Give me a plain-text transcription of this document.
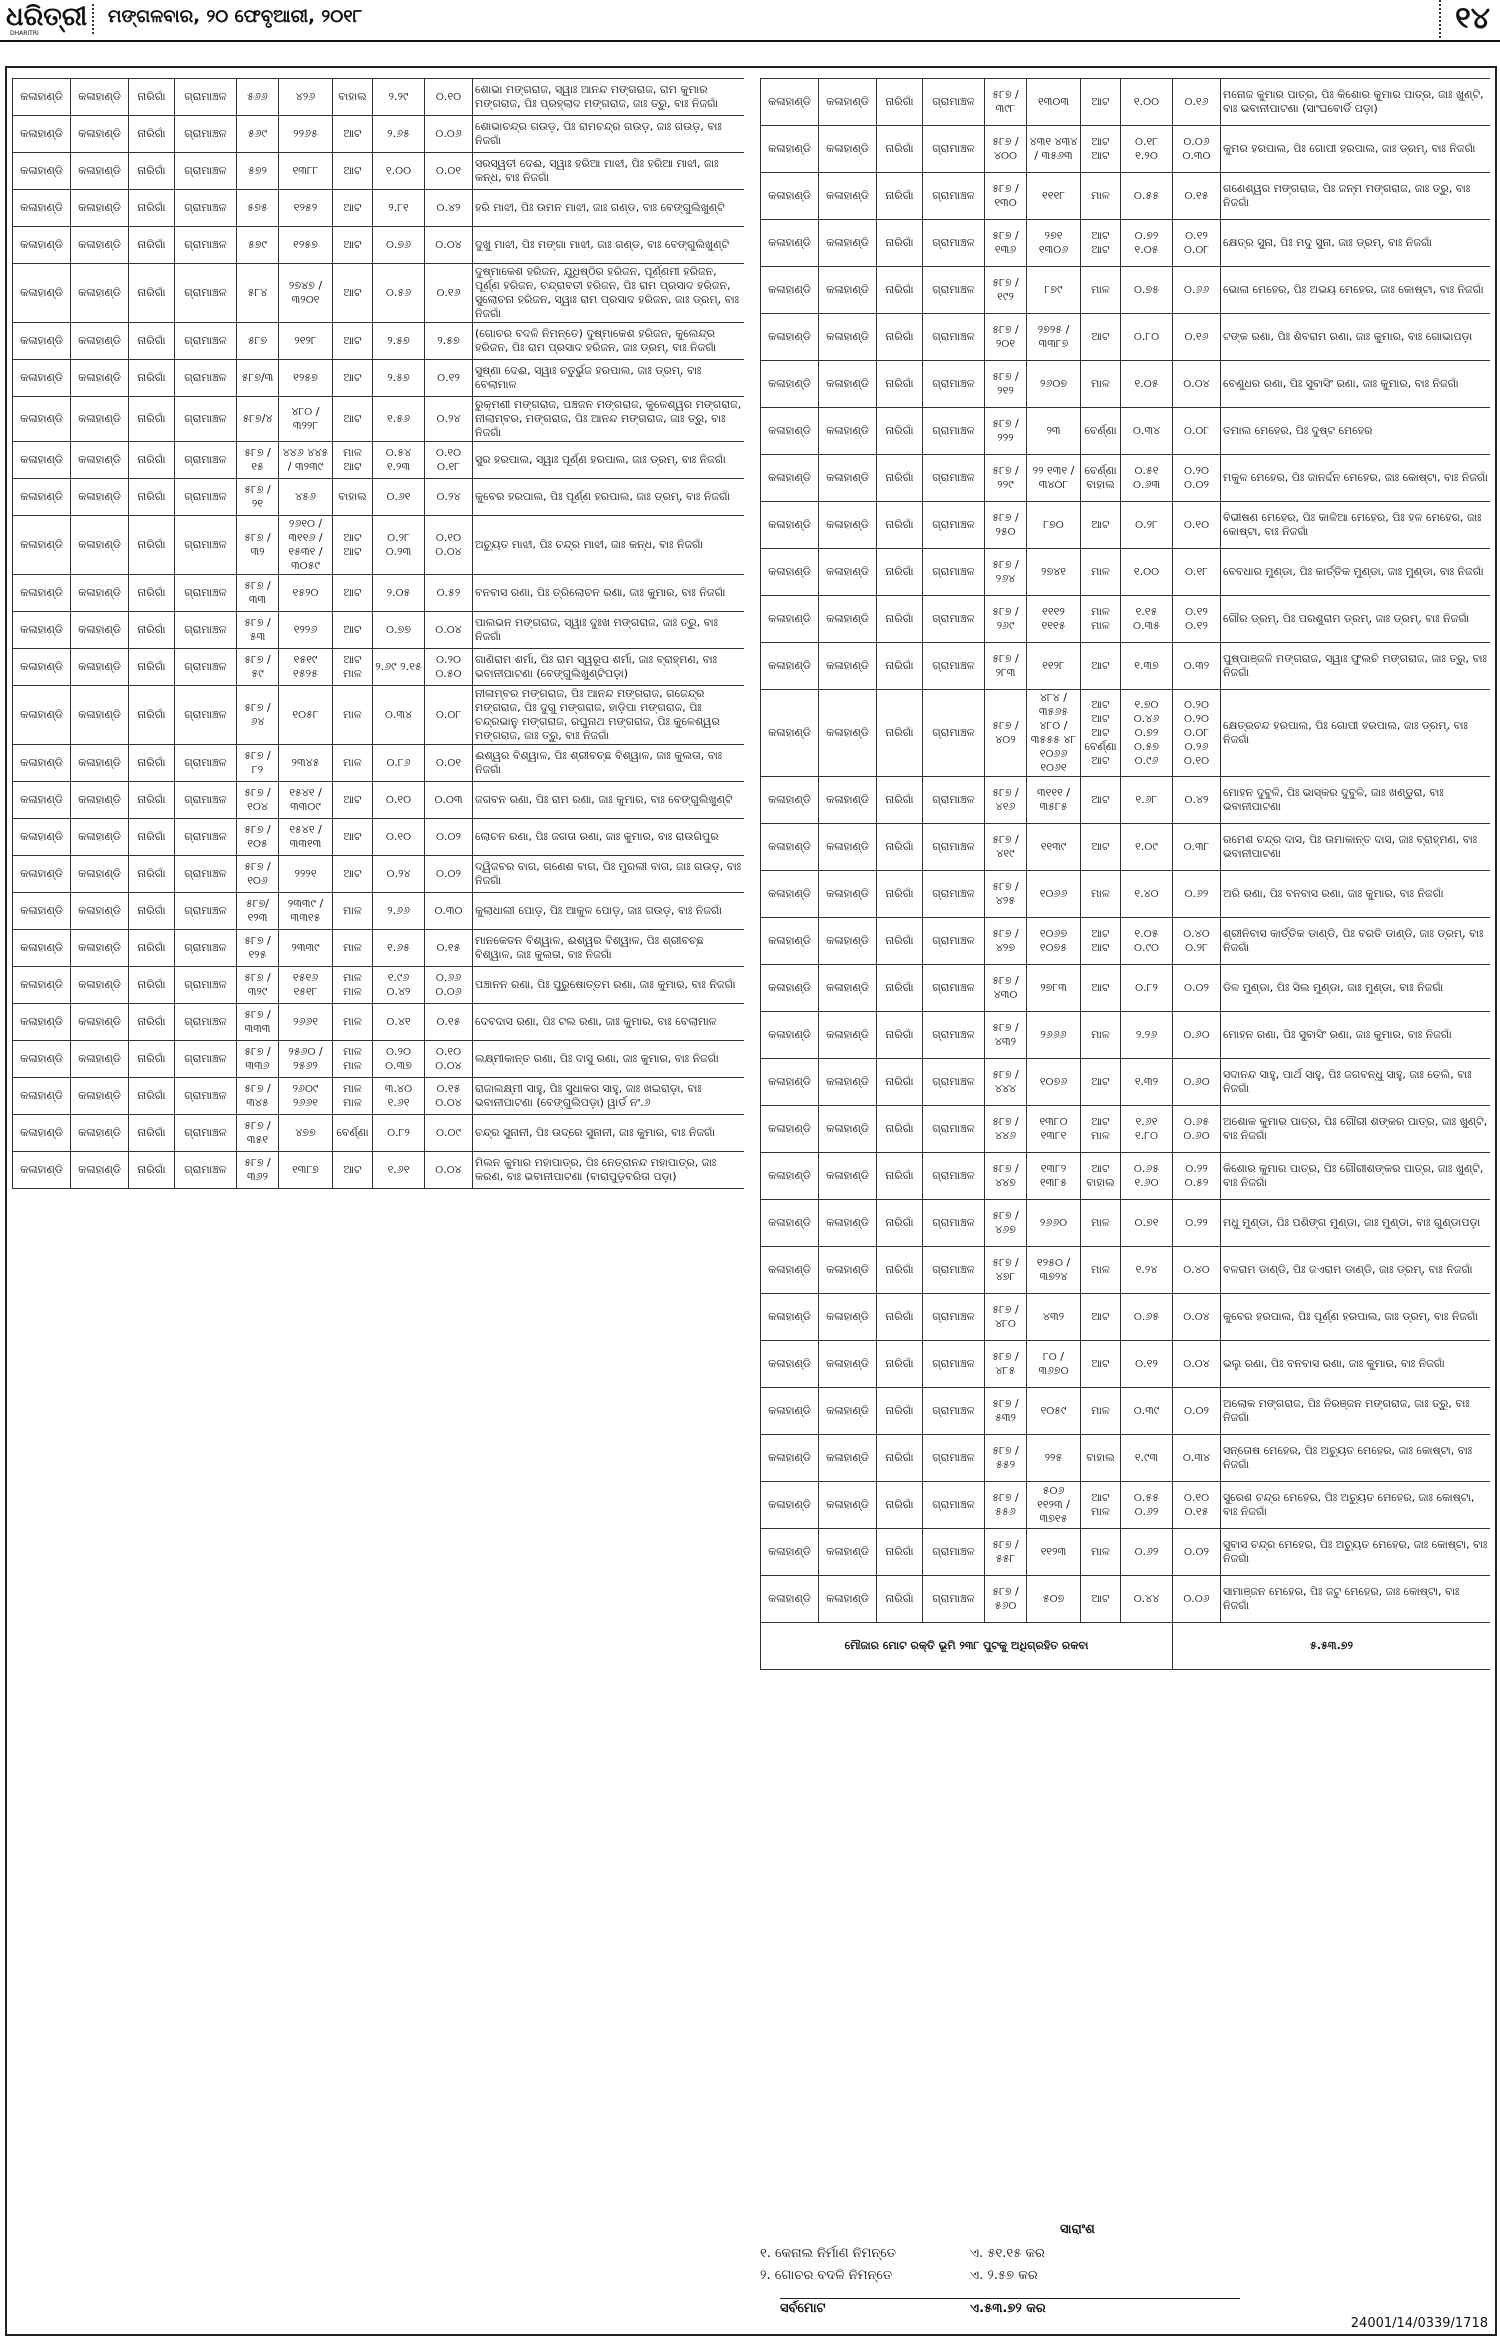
ଧରିତ୍ରୀ
DHARITRI
ମଙ୍ଗଳବାର, ୨୦ ଫେବୃଆରୀ, ୨୦୧୮	୧୪
କଳାହାଣ୍ଡି	କଳାହାଣ୍ଡି	ନାରିଗାଁ	ଗ୍ରାମାଞ୍ଚଳ	୫୬୬	୪୨୬	ବାହାଲ	୨.୨୯	୦.୧୦	ଶୋଭା ମଙ୍ଗରାଜ, ସ୍ୱାଃ ଆନନ୍ଦ ମଙ୍ଗରାଜ, ରାମ କୁମାର ମଙ୍ଗରାଜ, ପିଃ ପ୍ରହ୍ଲାଦ ମଙ୍ଗରାଜ, ଜାଃ ତ୍ରୁ, ବାଃ ନିଜଗାଁ
କଳାହାଣ୍ଡି	କଳାହାଣ୍ଡି	ନାରିଗାଁ	ଗ୍ରାମାଞ୍ଚଳ	୫୬୯	୨୨୬୫	ଆଟ	୨.୬୫	୦.୦୬	ଶୋଭାଚନ୍ଦ୍ର ଗଉଡ଼, ପିଃ ରାମଚନ୍ଦ୍ର ଗଉଡ଼, ଜାଃ ଗଉଡ଼, ବାଃ ନିଜଗାଁ
କଳାହାଣ୍ଡି	କଳାହାଣ୍ଡି	ନାରିଗାଁ	ଗ୍ରାମାଞ୍ଚଳ	୫୭୨	୧୩୮୮	ଆଟ	୧.୦୦	୦.୦୧	ସରସ୍ୱତୀ ଦେଈ, ସ୍ୱାଃ ହରିଆ ମାଝୀ, ପିଃ ହରିଆ ମାଝୀ, ଜାଃ କନ୍ଧ, ବାଃ ନିଜଗାଁ
କଳାହାଣ୍ଡି	କଳାହାଣ୍ଡି	ନାରିଗାଁ	ଗ୍ରାମାଞ୍ଚଳ	୫୭୫	୧୨୫୨	ଆଟ	୨.୮୧	୦.୪୨	ହରି ମାଝୀ, ପିଃ ଉମନ ମାଝୀ, ଜାଃ ଗଣ୍ଡ, ବାଃ ବେଙ୍ଗୁଲିଖୁଣ୍ଟି
କଳାହାଣ୍ଡି	କଳାହାଣ୍ଡି	ନାରିଗାଁ	ଗ୍ରାମାଞ୍ଚଳ	୫୭୯	୧୨୫୭	ଆଟ	୦.୭୬	୦.୦୪	ଦୁଖୁ ମାଝୀ, ପିଃ ମଙ୍ଗା ମାଝୀ, ଜାଃ ଗଣ୍ଡ, ବାଃ ବେଙ୍ଗୁଲିଖୁଣ୍ଟି
କଳାହାଣ୍ଡି	କଳାହାଣ୍ଡି	ନାରିଗାଁ	ଗ୍ରାମାଞ୍ଚଳ	୫୮୪	୨୭୪୭ / ୩୨୦୧	ଆଟ	୦.୫୬	୦.୧୬	ଦୁଷ୍ମାକେଶ ହରିଜନ, ଯୁଧିଷ୍ଠିର ହରିଜନ, ପୂର୍ଣ୍ଣମୀ ହରିଜନ, ପୂର୍ଣ୍ଣ ହରିଜନ, ଚନ୍ଦ୍ରାବତୀ ହରିଜନ, ପିଃ ରାମ ପ୍ରସାଦ ହରିଜନ, ସୁଲୋଚନା ହରିଜନ, ସ୍ୱାଃ ରାମ ପ୍ରସାଦ ହରିଜନ, ଜାଃ ଡ୍ରମ୍, ବାଃ ନିଜଗାଁ
କଳାହାଣ୍ଡି	କଳାହାଣ୍ଡି	ନାରିଗାଁ	ଗ୍ରାମାଞ୍ଚଳ	୫୮୭	୨୧୨୮	ଆଟ	୨.୫୭	୨.୫୭	(ଗୋଚର ବଦଳି ନିମନ୍ତେ) ଦୁଷ୍ମାକେଶ ହରିଜନ, କୁଲେନ୍ଦ୍ର ହରିଜନ, ପିଃ ରାମ ପ୍ରସାଦ ହରିଜନ, ଜାଃ ଡ୍ରମ୍, ବାଃ ନିଜଗାଁ
କଳାହାଣ୍ଡି	କଳାହାଣ୍ଡି	ନାରିଗାଁ	ଗ୍ରାମାଞ୍ଚଳ	୫୮୭/୩	୧୨୫୭	ଆଟ	୨.୫୭	୦.୧୨	ସୁଷ୍ଣା ଦେଈ, ସ୍ୱାଃ ଚତୁର୍ଭୁଜ ହରପାଲ, ଜାଃ ଡ୍ରମ୍, ବାଃ ବେଲାମାଳ
କଳାହାଣ୍ଡି	କଳାହାଣ୍ଡି	ନାରିଗାଁ	ଗ୍ରାମାଞ୍ଚଳ	୫୮୭/୪	୪୮୦ / ୩୨୨୮	ଆଟ	୧.୫୬	୦.୨୪	ରୁକ୍ମଣୀ ମଙ୍ଗରାଜ, ପଞ୍ଚଜନ ମଙ୍ଗରାଜ, କୁଳେଶ୍ୱର ମଙ୍ଗରାଜ, ନୀଲାମ୍ବର, ମଙ୍ଗରାଜ, ପିଃ ଆନନ୍ଦ ମଙ୍ଗରାଜ, ଜାଃ ତ୍ରୁ, ବାଃ ନିଜଗାଁ
କଳାହାଣ୍ଡି	କଳାହାଣ୍ଡି	ନାରିଗାଁ	ଗ୍ରାମାଞ୍ଚଳ	୫୮୭ / ୧୫	୪୪୬ ୪୪୫ / ୩୨୩୯	ମାଳ ଆଟ	୦.୫୪ ୧.୨୩	୦.୧୦ ୦.୧୮	ସୁର ହରପାଲ, ସ୍ୱାଃ ପୂର୍ଣ୍ଣ ହରପାଲ, ଜାଃ ଡ୍ରମ୍, ବାଃ ନିଜଗାଁ
କଳାହାଣ୍ଡି	କଳାହାଣ୍ଡି	ନାରିଗାଁ	ଗ୍ରାମାଞ୍ଚଳ	୫୮୭ / ୨୧	୪୫୬	ବାହାଲ	୦.୬୧	୦.୨୪	କୁବେର ହରପାଲ, ପିଃ ପୂର୍ଣ୍ଣ ହରପାଲ, ଜାଃ ଡ୍ରମ୍, ବାଃ ନିଜଗାଁ
କଳାହାଣ୍ଡି	କଳାହାଣ୍ଡି	ନାରିଗାଁ	ଗ୍ରାମାଞ୍ଚଳ	୫୮୭ / ୩୨	୨୬୧୦ / ୩୧୧୬ / ୧୫୩୧ / ୩୦୫୯	ଆଟ ଆଟ	୦.୨୮ ୦.୨୩	୦.୧୦ ୦.୦୪	ଅଚ୍ୟୁତ ମାଝୀ, ପିଃ ଚନ୍ଦ୍ର ମାଝୀ, ଜାଃ କନ୍ଧ, ବାଃ ନିଜଗାଁ
କଳାହାଣ୍ଡି	କଳାହାଣ୍ଡି	ନାରିଗାଁ	ଗ୍ରାମାଞ୍ଚଳ	୫୮୭ / ୩୩	୧୫୨୦	ଆଟ	୨.୦୫	୦.୫୨	ବନବାସ ରଣା, ପିଃ ତ୍ରିଲୋଚନ ରଣା, ଜାଃ କୁମାର, ବାଃ ନିଜଗାଁ
କଳାହାଣ୍ଡି	କଳାହାଣ୍ଡି	ନାରିଗାଁ	ଗ୍ରାମାଞ୍ଚଳ	୫୮୭ / ୫୩	୧୨୨୬	ଆଟ	୦.୭୭	୦.୦୪	ପାଲଭନ ମଙ୍ଗରାଜ, ସ୍ୱାଃ ଦୁଃଖ ମଙ୍ଗରାଜ, ଜାଃ ତ୍ରୁ, ବାଃ ନିଜଗାଁ
କଳାହାଣ୍ଡି	କଳାହାଣ୍ଡି	ନାରିଗାଁ	ଗ୍ରାମାଞ୍ଚଳ	୫୮୭ / ୫୯	୧୫୧୯ ୧୫୨୫	ଆଟ ମାଳ	୨.୬୯ ୨.୧୫	୦.୨୦ ୦.୫୦	ଗାଣିରାମ ଶର୍ମା, ପିଃ ରାମ ସ୍ୱରୂପ ଶର୍ମା, ଜାଃ ବ୍ରାହ୍ମଣ, ବାଃ ଭବାନୀପାଟଣା (ବେଙ୍ଗୁଲିଖୁଣ୍ଟିପଡ଼ା)
କଳାହାଣ୍ଡି	କଳାହାଣ୍ଡି	ନାରିଗାଁ	ଗ୍ରାମାଞ୍ଚଳ	୫୮୭ / ୬୪	୧୦୫୮	ମାଳ	୦.୩୪	୦.୦୮	ନୀଳାମ୍ବର ମଙ୍ଗରାଜ, ପିଃ ଆନନ୍ଦ ମଙ୍ଗରାଜ, ଗଜେନ୍ଦ୍ର ମଙ୍ଗରାଜ, ପିଃ ଦୁଗୁ ମଙ୍ଗରାଜ, ହାଡ଼ିପା ମଙ୍ଗରାଜ, ପିଃ ଚନ୍ଦ୍ରଭାନୁ ମଙ୍ଗରାଜ, ରଘୁନାଥ ମଙ୍ଗରାଜ, ପିଃ କୁଳେଶ୍ୱର ମଙ୍ଗରାଜ, ଜାଃ ତ୍ରୁ, ବାଃ ନିଜଗାଁ
କଳାହାଣ୍ଡି	କଳାହାଣ୍ଡି	ନାରିଗାଁ	ଗ୍ରାମାଞ୍ଚଳ	୫୮୭ / ୮୨	୨୩୪୫	ମାଳ	୦.୮୬	୦.୦୧	ଈଶ୍ୱର ବିଶ୍ୱାଳ, ପିଃ ଶ୍ରୀବଚ୍ଛ ବିଶ୍ୱାଳ, ଜାଃ କୁଲତା, ବାଃ ନିଜଗାଁ
କଳାହାଣ୍ଡି	କଳାହାଣ୍ଡି	ନାରିଗାଁ	ଗ୍ରାମାଞ୍ଚଳ	୫୮୭ / ୧୦୪	୧୫୪୧ / ୩୩୦୯	ଆଟ	୦.୧୦	୦.୦୩	ଜଗବନ ରଣା, ପିଃ ରାମ ରଣା, ଜାଃ କୁମାର, ବାଃ ବେଙ୍ଗୁଲିଖୁଣ୍ଟି
କଳାହାଣ୍ଡି	କଳାହାଣ୍ଡି	ନାରିଗାଁ	ଗ୍ରାମାଞ୍ଚଳ	୫୮୭ / ୧୦୫	୧୫୪୧ / ୩୩୧୩	ଆଟ	୦.୧୦	୦.୦୨	ଲୋଚନ ରଣା, ପିଃ ଜଗତା ରଣା, ଜାଃ କୁମାର, ବାଃ ରାଉଗିପୁର
କଳାହାଣ୍ଡି	କଳାହାଣ୍ଡି	ନାରିଗାଁ	ଗ୍ରାମାଞ୍ଚଳ	୫୮୭ / ୧୦୬	୨୨୨୧	ଆଟ	୦.୨୪	୦.୦୨	ଦ୍ୱିଜବର ବାଗ, ଗଣେଶ ବାଗ, ପିଃ ମୁରଲୀ ବାଗ, ଜାଃ ଗଉଡ଼, ବାଃ ନିଜଗାଁ
କଳାହାଣ୍ଡି	କଳାହାଣ୍ଡି	ନାରିଗାଁ	ଗ୍ରାମାଞ୍ଚଳ	୫୮୭/ ୧୨୩	୨୩୩୯ / ୩୩୧୫	ମାଳ	୨.୬୬	୦.୩୦	କୁଲାଧାଲୀ ପୋଡ଼, ପିଃ ଆକୁଳ ପୋଡ଼, ଜାଃ ଗଉଡ଼, ବାଃ ନିଜଗାଁ
କଳାହାଣ୍ଡି	କଳାହାଣ୍ଡି	ନାରିଗାଁ	ଗ୍ରାମାଞ୍ଚଳ	୫୮୭ / ୧୨୫	୨୩୩୯	ମାଳ	୧.୬୫	୦.୧୫	ମାନକେତନ ବିଶ୍ୱାଳ, ଈଶ୍ୱର ବିଶ୍ୱାଳ, ପିଃ ଶ୍ରୀବଚ୍ଛ ବିଶ୍ୱାଳ, ଜାଃ କୁଲତା, ବାଃ ନିଜଗାଁ
କଳାହାଣ୍ଡି	କଳାହାଣ୍ଡି	ନାରିଗାଁ	ଗ୍ରାମାଞ୍ଚଳ	୫୮୭ / ୩୨୯	୧୫୧୬ ୧୫୧୮	ମାଳ ମାଳ	୧.୯୬ ୦.୪୨	୦.୬୬ ୦.୦୬	ପଞ୍ଚାନନ ରଣା, ପିଃ ପୁରୁଷୋତ୍ତମ ରଣା, ଜାଃ କୁମାର, ବାଃ ନିଜଗାଁ
କଳାହାଣ୍ଡି	କଳାହାଣ୍ଡି	ନାରିଗାଁ	ଗ୍ରାମାଞ୍ଚଳ	୫୮୭ / ୩୩୩	୨୬୬୧	ମାଳ	୦.୪୧	୦.୧୫	ଦେବଦାସ ରଣା, ପିଃ ଟଲ ରଣା, ଜାଃ କୁମାର, ବାଃ ବେଲାମାଳ
କଳାହାଣ୍ଡି	କଳାହାଣ୍ଡି	ନାରିଗାଁ	ଗ୍ରାମାଞ୍ଚଳ	୫୮୭ / ୩୩୬	୨୫୬୦ / ୨୫୬୨	ମାଳ ମାଳ	୦.୨୦ ୦.୩୭	୦.୧୦ ୦.୦୪	ଲକ୍ଷ୍ମୀକାନ୍ତ ରଣା, ପିଃ ଦାସୁ ରଣା, ଜାଃ କୁମାର, ବାଃ ନିଜଗାଁ
କଳାହାଣ୍ଡି	କଳାହାଣ୍ଡି	ନାରିଗାଁ	ଗ୍ରାମାଞ୍ଚଳ	୫୮୭ / ୩୪୫	୨୬୦୯ ୨୬୬୧	ମାଳ ମାଳ	୩.୪୦ ୧.୬୧	୦.୧୫ ୦.୦୪	ରାଜାଲକ୍ଷ୍ମୀ ସାହୁ, ପିଃ ସୁଧାକର ସାହୁ, ଜାଃ ଖଇରାଡ଼ା, ବାଃ ଭବାନୀପାଟଣା (ବେଙ୍ଗୁଲିପଡ଼ା) ୱାର୍ଡ ନଂ.୬
କଳାହାଣ୍ଡି	କଳାହାଣ୍ଡି	ନାରିଗାଁ	ଗ୍ରାମାଞ୍ଚଳ	୫୮୭ / ୩୫୧	୪୭୭	ବେର୍ଣ୍ଣା	୦.୮୨	୦.୦୯	ଚନ୍ଦ୍ର ସୁନାନୀ, ପିଃ ଉଦ୍ରେ ସୁନାନୀ, ଜାଃ କୁମାର, ବାଃ ନିଜଗାଁ
କଳାହାଣ୍ଡି	କଳାହାଣ୍ଡି	ନାରିଗାଁ	ଗ୍ରାମାଞ୍ଚଳ	୫୮୭ / ୩୬୨	୧୩୮୭	ଆଟ	୧.୬୧	୦.୦୪	ମିଲନ କୁମାର ମହାପାତ୍ର, ପିଃ ନେତ୍ରାନନ୍ଦ ମହାପାତ୍ର, ଜାଃ କରଣ, ବାଃ ଭବାନୀପାଟଣା (ବାରାପୁଡ଼ବରିତା ପଡ଼ା)
କଳାହାଣ୍ଡି	କଳାହାଣ୍ଡି	ନାରିଗାଁ	ଗ୍ରାମାଞ୍ଚଳ	୫୮୭ / ୩୯୮	୧୩୦୩	ଆଟ	୧.୦୦	୦.୧୬	ମନୋଜ କୁମାର ପାତ୍ର, ପିଃ କିଶୋର କୁମାର ପାତ୍ର, ଜାଃ ଖୁଣ୍ଟି, ବାଃ ଭବାନୀପାଟଣା (ସାଂଘବୋର୍ଡି ପଡ଼ା)
କଳାହାଣ୍ଡି	କଳାହାଣ୍ଡି	ନାରିଗାଁ	ଗ୍ରାମାଞ୍ଚଳ	୫୮୭ / ୪୦୦	୪୩୧ ୪୩୪ / ୩୫୬୩	ଆଟ ଆଟ	୦.୧୮ ୧.୨୦	୦.୦୬ ୦.୩୦	କୁମର ହରପାଲ, ପିଃ ଗୋପୀ ହରପାଲ, ଜାଃ ଡ୍ରମ୍, ବାଃ ନିଜଗାଁ
କଳାହାଣ୍ଡି	କଳାହାଣ୍ଡି	ନାରିଗାଁ	ଗ୍ରାମାଞ୍ଚଳ	୫୮୭ / ୧୩୦	୧୧୧୮	ମାଳ	୦.୫୫	୦.୧୫	ଗଣେଶ୍ୱର ମଙ୍ଗରାଜ, ପିଃ ଜନ୍ମ ମଙ୍ଗରାଜ, ଜାଃ ତ୍ରୁ, ବାଃ ନିଜଗାଁ
କଳାହାଣ୍ଡି	କଳାହାଣ୍ଡି	ନାରିଗାଁ	ଗ୍ରାମାଞ୍ଚଳ	୫୮୭ / ୧୩୬	୨୭୧ ୧୩୦୬	ଆଟ ଆଟ	୦.୭୨ ୧.୦୫	୦.୧୨ ୦.୦୮	କ୍ଷେତ୍ର ସୁନା, ପିଃ ମଦୁ ସୁନା, ଜାଃ ଡ୍ରମ୍, ବାଃ ନିଜଗାଁ
କଳାହାଣ୍ଡି	କଳାହାଣ୍ଡି	ନାରିଗାଁ	ଗ୍ରାମାଞ୍ଚଳ	୫୮୭ / ୧୯୨	୮୭୯	ମାଳ	୦.୭୫	୦.୬୬	ଭୋଳା ମେହେର, ପିଃ ଅଭୟ ମେହେର, ଜାଃ କୋଷ୍ଟା, ବାଃ ନିଜଗାଁ
କଳାହାଣ୍ଡି	କଳାହାଣ୍ଡି	ନାରିଗାଁ	ଗ୍ରାମାଞ୍ଚଳ	୫୮୭ / ୨୦୧	୨୭୨୫ / ୩୩୮୭	ଆଟ	୦.୮୦	୦.୧୬	ଟଙ୍କ ରଣା, ପିଃ ଶିବରାମ ରଣା, ଜାଃ କୁମାର, ବାଃ ଗୋଭାପଡ଼ା
କଳାହାଣ୍ଡି	କଳାହାଣ୍ଡି	ନାରିଗାଁ	ଗ୍ରାମାଞ୍ଚଳ	୫୮୭ / ୨୧୨	୨୬୦୭	ମାଳ	୧.୦୫	୦.୦୪	ବେଣୁଧର ରଣା, ପିଃ ସୁବାସିଂ ରଣା, ଜାଃ କୁମାର, ବାଃ ନିଜଗାଁ
କଳାହାଣ୍ଡି	କଳାହାଣ୍ଡି	ନାରିଗାଁ	ଗ୍ରାମାଞ୍ଚଳ	୫୮୭ / ୨୨୨	୨୩	ବେର୍ଣ୍ଣା	୦.୩୪	୦.୦୮	ତମାଲ ମେହେର, ପିଃ ଦୁଷ୍ଟ ମେହେର
କଳାହାଣ୍ଡି	କଳାହାଣ୍ଡି	ନାରିଗାଁ	ଗ୍ରାମାଞ୍ଚଳ	୫୮୭ / ୨୨୯	୨୨ ୧୩୧ / ୩୪୦୮	ବେର୍ଣ୍ଣା ବାହାଲ	୦.୫୧ ୦.୬୩	୦.୨୦ ୦.୦୨	ମକୁଳ ମେହେର, ପିଃ ଜାନର୍ଦ୍ଦନ ମେହେର, ଜାଃ କୋଷ୍ଟା, ବାଃ ନିଜଗାଁ
କଳାହାଣ୍ଡି	କଳାହାଣ୍ଡି	ନାରିଗାଁ	ଗ୍ରାମାଞ୍ଚଳ	୫୮୭ / ୨୫୦	୮୭୦	ଆଟ	୦.୨୮	୦.୧୦	ବିଭୀଷଣ ମେହେର, ପିଃ କାଳିଆ ମେହେର, ପିଃ ହଳ ମେହେର, ଜାଃ କୋଷ୍ଟା, ବାଃ ନିଜଗାଁ
କଳାହାଣ୍ଡି	କଳାହାଣ୍ଡି	ନାରିଗାଁ	ଗ୍ରାମାଞ୍ଚଳ	୫୮୭ / ୨୬୪	୨୭୪୧	ମାଳ	୧.୦୦	୦.୧୮	ବେବଧାର ମୁଣ୍ଡା, ପିଃ କାର୍ତ୍ତିକ ମୁଣ୍ଡା, ଜାଃ ମୁଣ୍ଡା, ବାଃ ନିଜଗାଁ
କଳାହାଣ୍ଡି	କଳାହାଣ୍ଡି	ନାରିଗାଁ	ଗ୍ରାମାଞ୍ଚଳ	୫୮୭ / ୨୬୯	୧୧୧୨ ୧୧୧୫	ମାଳ ମାଳ	୧.୧୫ ୦.୩୫	୦.୧୨ ୦.୧୨	ଗୌର ଡ୍ରମ୍, ପିଃ ପରଶୁରାମ ଡ୍ରମ୍, ଜାଃ ଡ୍ରମ୍, ବାଃ ନିଜଗାଁ
କଳାହାଣ୍ଡି	କଳାହାଣ୍ଡି	ନାରିଗାଁ	ଗ୍ରାମାଞ୍ଚଳ	୫୮୭ / ୨୮୩	୧୧୨୮	ଆଟ	୧.୩୭	୦.୩୨	ପୁଷ୍ପାଞ୍ଜଳି ମଙ୍ଗରାଜ, ସ୍ୱାଃ ଫୁଲଚି ମଙ୍ଗରାଜ, ଜାଃ ତ୍ରୁ, ବାଃ ନିଜଗାଁ
କଳାହାଣ୍ଡି	କଳାହାଣ୍ଡି	ନାରିଗାଁ	ଗ୍ରାମାଞ୍ଚଳ	୫୮୭ / ୪୦୨	୪୮୪ / ୩୫୬୫ ୪୮୦ / ୩୫୫୫ ୪୮ ୧୦୬୬ ୧୦୬୧	ଆଟ ଆଟ ଆଟ ବେର୍ଣ୍ଣା ଆଟ	୧.୭୦ ୦.୪୬ ୦.୭୨ ୦.୫୭ ୦.୯୬	୦.୨୦ ୦.୨୦ ୦.୦୮ ୦.୨୬ ୦.୧୦	କ୍ଷେତ୍ରଚନ୍ଦ ହରପାଲ, ପିଃ ଗୋପୀ ହରପାଲ, ଜାଃ ଡ୍ରମ୍, ବାଃ ନିଜଗାଁ
କଳାହାଣ୍ଡି	କଳାହାଣ୍ଡି	ନାରିଗାଁ	ଗ୍ରାମାଞ୍ଚଳ	୫୮୭ / ୪୧୬	୩୧୧୧ / ୩୫୮୫	ଆଟ	୧.୬୮	୦.୪୨	ମୋହନ ଦୁବୁଳି, ପିଃ ଭାସ୍କର ଦୁବୁଳି, ଜାଃ ଖଣ୍ଡୁରା, ବାଃ ଭବାନୀପାଟଣା
କଳାହାଣ୍ଡି	କଳାହାଣ୍ଡି	ନାରିଗାଁ	ଗ୍ରାମାଞ୍ଚଳ	୫୮୭ / ୪୧୯	୧୧୩୯	ଆଟ	୧.୦୯	୦.୩୮	ରମେଶ ଚନ୍ଦ୍ର ଦାସ, ପିଃ ଉମାକାନ୍ତ ଦାସ, ଜାଃ ବ୍ରାହ୍ମଣ, ବାଃ ଭବାନୀପାଟଣା
କଳାହାଣ୍ଡି	କଳାହାଣ୍ଡି	ନାରିଗାଁ	ଗ୍ରାମାଞ୍ଚଳ	୫୮୭ / ୪୨୫	୧୦୬୬	ମାଳ	୧.୪୦	୦.୬୨	ଅରି ରଣା, ପିଃ ବନବାସ ରଣା, ଜାଃ କୁମାର, ବାଃ ନିଜଗାଁ
କଳାହାଣ୍ଡି	କଳାହାଣ୍ଡି	ନାରିଗାଁ	ଗ୍ରାମାଞ୍ଚଳ	୫୮୭ / ୪୨୭	୧୦୬୭ ୧୦୭୫	ଆଟ ଆଟ	୧.୦୫ ୦.୯୦	୦.୪୦ ୦.୨୮	ଶ୍ରୀନିବାସ କାର୍ତ୍ତିକ ଡାଣ୍ଡି, ପିଃ ବରତି ଡାଣ୍ଡି, ଜାଃ ଡ୍ରମ୍, ବାଃ ନିଜଗାଁ
କଳାହାଣ୍ଡି	କଳାହାଣ୍ଡି	ନାରିଗାଁ	ଗ୍ରାମାଞ୍ଚଳ	୫୮୭ / ୪୩୦	୨୭୮୩	ଆଟ	୦.୮୨	୦.୦୨	ଡିଳ ମୁଣ୍ଡା, ପିଃ ସିଲ ମୁଣ୍ଡା, ଜାଃ ମୁଣ୍ଡା, ବାଃ ନିଜଗାଁ
କଳାହାଣ୍ଡି	କଳାହାଣ୍ଡି	ନାରିଗାଁ	ଗ୍ରାମାଞ୍ଚଳ	୫୮୭ / ୪୩୨	୨୬୬୬	ମାଳ	୨.୨୬	୦.୬୦	ମୋହନ ରଣା, ପିଃ ସୁବାସିଂ ରଣା, ଜାଃ କୁମାର, ବାଃ ନିଜଗାଁ
କଳାହାଣ୍ଡି	କଳାହାଣ୍ଡି	ନାରିଗାଁ	ଗ୍ରାମାଞ୍ଚଳ	୫୮୭ / ୪୪୪	୧୦୭୬	ଆଟ	୧.୩୨	୦.୬୦	ସଦାନନ୍ଦ ସାହୁ, ପାର୍ଥ ସାହୁ, ପିଃ ଜଗବନ୍ଧୁ ସାହୁ, ଜାଃ ତେଲି, ବାଃ ନିଜଗାଁ
କଳାହାଣ୍ଡି	କଳାହାଣ୍ଡି	ନାରିଗାଁ	ଗ୍ରାମାଞ୍ଚଳ	୫୮୭ / ୪୪୬	୧୩୮୦ ୧୩୮୧	ଆଟ ମାଳ	୧.୬୧ ୧.୮୦	୦.୬୫ ୦.୬୦	ଅଶୋକ କୁମାର ପାତ୍ର, ପିଃ ଗୌରୀ ଶଙ୍କର ପାତ୍ର, ଜାଃ ଖୁଣ୍ଟି, ବାଃ ନିଜଗାଁ
କଳାହାଣ୍ଡି	କଳାହାଣ୍ଡି	ନାରିଗାଁ	ଗ୍ରାମାଞ୍ଚଳ	୫୮୭ / ୪୪୭	୧୩୮୨ ୧୩୮୫	ଆଟ ବାହାଲ	୦.୬୫ ୧.୬୦	୦.୨୨ ୦.୫୨	କିଶୋର କୁମାର ପାତ୍ର, ପିଃ ଗୌରୀଶଙ୍କର ପାତ୍ର, ଜାଃ ଖୁଣ୍ଟି, ବାଃ ନିଜଗାଁ
କଳାହାଣ୍ଡି	କଳାହାଣ୍ଡି	ନାରିଗାଁ	ଗ୍ରାମାଞ୍ଚଳ	୫୮୭ / ୪୬୭	୨୬୬୦	ମାଳ	୦.୭୧	୦.୨୨	ମଧୁ ମୁଣ୍ଡା, ପିଃ ପଶିଙ୍ଗ ମୁଣ୍ଡା, ଜାଃ ମୁଣ୍ଡା, ବାଃ ଗୁଣ୍ଡାପଡ଼ା
କଳାହାଣ୍ଡି	କଳାହାଣ୍ଡି	ନାରିଗାଁ	ଗ୍ରାମାଞ୍ଚଳ	୫୮୭ / ୪୭୮	୧୨୫୦ / ୩୭୨୪	ମାଳ	୧.୨୪	୦.୪୦	ବଳରାମ ଡାଣ୍ଡି, ପିଃ ଜଏରାମ ଡାଣ୍ଡି, ଜାଃ ଡ୍ରମ୍, ବାଃ ନିଜଗାଁ
କଳାହାଣ୍ଡି	କଳାହାଣ୍ଡି	ନାରିଗାଁ	ଗ୍ରାମାଞ୍ଚଳ	୫୮୭ / ୪୮୦	୪୩୨	ଆଟ	୦.୬୫	୦.୦୪	କୁବେର ହରପାଲ, ପିଃ ପୂର୍ଣ୍ଣ ହରପାଲ, ଜାଃ ଡ୍ରମ୍, ବାଃ ନିଜଗାଁ
କଳାହାଣ୍ଡି	କଳାହାଣ୍ଡି	ନାରିଗାଁ	ଗ୍ରାମାଞ୍ଚଳ	୫୮୭ / ୪୮୫	୮୦ / ୩୬୭୦	ଆଟ	୦.୧୨	୦.୦୪	ଭଲୁ ରଣା, ପିଃ ବନବାସ ରଣା, ଜାଃ କୁମାର, ବାଃ ନିଜଗାଁ
କଳାହାଣ୍ଡି	କଳାହାଣ୍ଡି	ନାରିଗାଁ	ଗ୍ରାମାଞ୍ଚଳ	୫୮୭ / ୫୩୨	୧୦୫୯	ମାଳ	୦.୩୯	୦.୦୨	ଅଲୋକ ମଙ୍ଗରାଜ, ପିଃ ନିରଞ୍ଜନ ମଙ୍ଗରାଜ, ଜାଃ ତ୍ରୁ, ବାଃ ନିଜଗାଁ
କଳାହାଣ୍ଡି	କଳାହାଣ୍ଡି	ନାରିଗାଁ	ଗ୍ରାମାଞ୍ଚଳ	୫୮୭ / ୫୫୨	୨୨୫	ବାହାଲ	୧.୯୩	୦.୩୪	ସନ୍ତୋଷ ମେହେର, ପିଃ ଅଚ୍ୟୁତ ମେହେର, ଜାଃ କୋଷ୍ଟା, ବାଃ ନିଜଗାଁ
କଳାହାଣ୍ଡି	କଳାହାଣ୍ଡି	ନାରିଗାଁ	ଗ୍ରାମାଞ୍ଚଳ	୫୮୭ / ୫୫୬	୫୦୬ ୧୧୨୩ / ୩୭୧୫	ଆଟ ମାଳ	୦.୫୫ ୦.୬୨	୦.୧୦ ୦.୧୫	ସୁରେଶ ଚନ୍ଦ୍ର ମେହେର, ପିଃ ଅଚ୍ୟୁତ ମେହେର, ଜାଃ କୋଷ୍ଟା, ବାଃ ନିଜଗାଁ
କଳାହାଣ୍ଡି	କଳାହାଣ୍ଡି	ନାରିଗାଁ	ଗ୍ରାମାଞ୍ଚଳ	୫୮୭ / ୫୫୮	୧୧୨୩	ମାଳ	୦.୬୨	୦.୦୨	ସୁବାସ ଚନ୍ଦ୍ର ମେହେର, ପିଃ ଅଚ୍ୟୁତ ମେହେର, ଜାଃ କୋଷ୍ଟା, ବାଃ ନିଜଗାଁ
କଳାହାଣ୍ଡି	କଳାହାଣ୍ଡି	ନାରିଗାଁ	ଗ୍ରାମାଞ୍ଚଳ	୫୮୭ / ୫୬୦	୫୦୭	ଆଟ	୦.୪୪	୦.୦୬	ସାମାଞ୍ଜନ ମେହେର, ପିଃ ଜଟୁ ମେହେର, ଜାଃ କୋଷ୍ଟା, ବାଃ ନିଜଗାଁ
ମୌଜାର ମୋଟ ରକ୍ତି ଭୂମି ୨୩୮ ପୁଟକୁ ଅଧିଗ୍ରହିତ ରକବା								୫.୫୩.୭୨	
ସାରାଂଶ
୧. କେନାଲ ନିର୍ମାଣ ନିମନ୍ତେ	ଏ. ୫୧.୧୫ କର
୨. ଗୋଚର ବଦଳି ନିମନ୍ତେ	ଏ. ୨.୫୭ କର
ସର୍ବମୋଟ	ଏ.୫୩.୭୨ କର
24001/14/0339/1718
